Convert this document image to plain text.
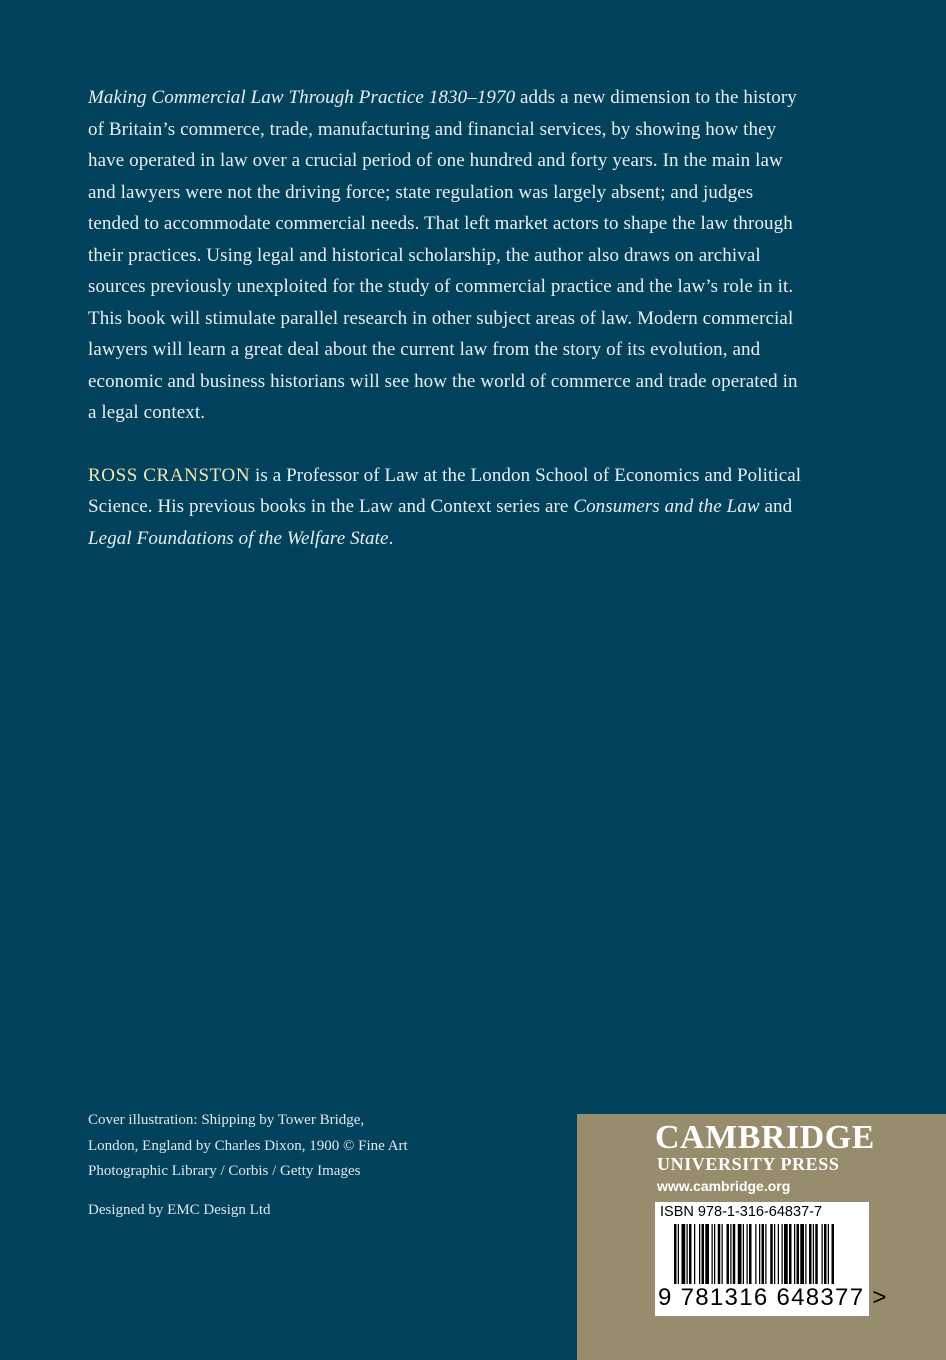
Making Commercial Law Through Practice 1830–1970 adds a new dimension to the history of Britain’s commerce, trade, manufacturing and financial services, by showing how they have operated in law over a crucial period of one hundred and forty years. In the main law and lawyers were not the driving force; state regulation was largely absent; and judges tended to accommodate commercial needs. That left market actors to shape the law through their practices. Using legal and historical scholarship, the author also draws on archival sources previously unexploited for the study of commercial practice and the law’s role in it. This book will stimulate parallel research in other subject areas of law. Modern commercial lawyers will learn a great deal about the current law from the story of its evolution, and economic and business historians will see how the world of commerce and trade operated in a legal context.

ROSS CRANSTON is a Professor of Law at the London School of Economics and Political Science. His previous books in the Law and Context series are Consumers and the Law and Legal Foundations of the Welfare State.

Cover illustration: Shipping by Tower Bridge,

London, England by Charles Dixon, 1900 © Fine Art

Photographic Library / Corbis / Getty Images

Designed by EMC Design Ltd

CAMBRIDGE
UNIVERSITY PRESS
www.cambridge.org
ISBN 978-1-316-64837-7
9 781316 648377 >
